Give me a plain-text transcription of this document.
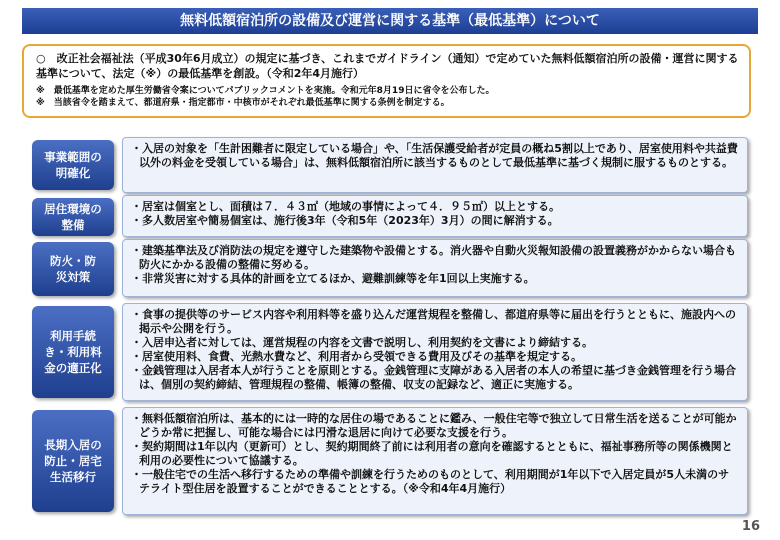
無料低額宿泊所の設備及び運営に関する基準（最低基準）について
○　改正社会福祉法（平成30年6月成立）の規定に基づき、これまでガイドライン（通知）で定めていた無料低額宿泊所の設備・運営に関する基準について、法定（※）の最低基準を創設。（令和2年4月施行）
※　最低基準を定めた厚生労働省令案についてパブリックコメントを実施。令和元年8月19日に省令を公布した。
※　当該省令を踏まえて、都道府県・指定都市・中核市がそれぞれ最低基準に関する条例を制定する。
事業範囲の明確化
・入居の対象を「生計困難者に限定している場合」や、「生活保護受給者が定員の概ね5割以上であり、居室使用料や共益費以外の料金を受領している場合」は、無料低額宿泊所に該当するものとして最低基準に基づく規制に服するものとする。
居住環境の整備
・居室は個室とし、面積は７．４３㎡（地域の事情によって４．９５㎡）以上とする。
・多人数居室や簡易個室は、施行後3年（令和5年（2023年）3月）の間に解消する。
防火・防災対策
・建築基準法及び消防法の規定を遵守した建築物や設備とする。消火器や自動火災報知設備の設置義務がかからない場合も防火にかかる設備の整備に努める。
・非常災害に対する具体的計画を立てるほか、避難訓練等を年1回以上実施する。
利用手続き・利用料金の適正化
・食事の提供等のサービス内容や利用料等を盛り込んだ運営規程を整備し、都道府県等に届出を行うとともに、施設内への掲示や公開を行う。
・入居申込者に対しては、運営規程の内容を文書で説明し、利用契約を文書により締結する。
・居室使用料、食費、光熱水費など、利用者から受領できる費用及びその基準を規定する。
・金銭管理は入居者本人が行うことを原則とする。金銭管理に支障がある入居者の本人の希望に基づき金銭管理を行う場合は、個別の契約締結、管理規程の整備、帳簿の整備、収支の記録など、適正に実施する。
長期入居の防止・居宅生活移行
・無料低額宿泊所は、基本的には一時的な居住の場であることに鑑み、一般住宅等で独立して日常生活を送ることが可能かどうか常に把握し、可能な場合には円滑な退居に向けて必要な支援を行う。
・契約期間は1年以内（更新可）とし、契約期間終了前には利用者の意向を確認するとともに、福祉事務所等の関係機関と利用の必要性について協議する。
・一般住宅での生活へ移行するための準備や訓練を行うためのものとして、利用期間が1年以下で入居定員が5人未満のサテライト型住居を設置することができることとする。（※令和4年4月施行）
16
